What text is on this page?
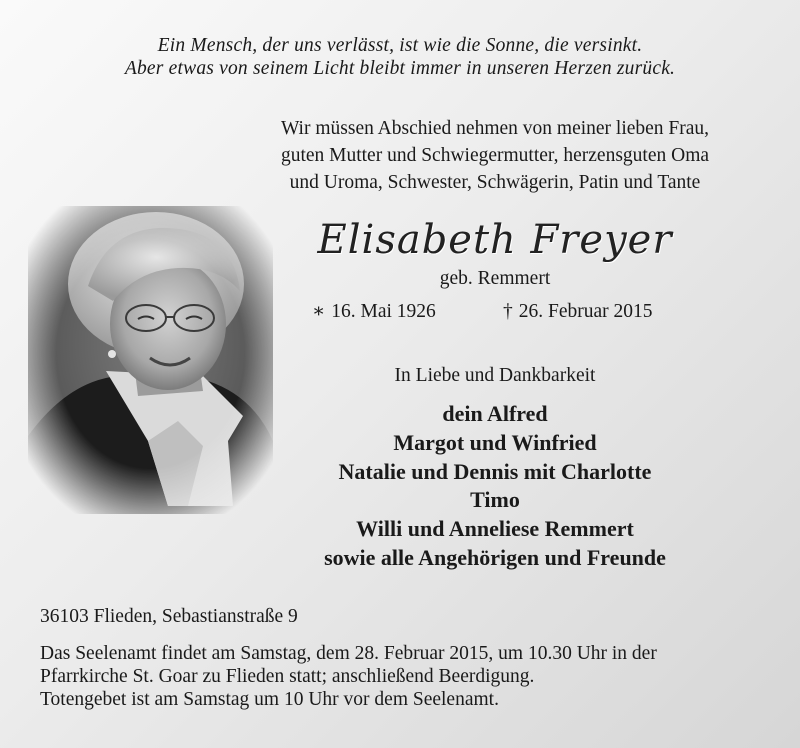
Ein Mensch, der uns verlässt, ist wie die Sonne, die versinkt.
Aber etwas von seinem Licht bleibt immer in unseren Herzen zurück.
Wir müssen Abschied nehmen von meiner lieben Frau,
guten Mutter und Schwiegermutter, herzensguten Oma
und Uroma, Schwester, Schwägerin, Patin und Tante
Elisabeth Freyer
geb. Remmert
∗ 16. Mai 1926	† 26. Februar 2015
In Liebe und Dankbarkeit
dein Alfred
Margot und Winfried
Natalie und Dennis mit Charlotte
Timo
Willi und Anneliese Remmert
sowie alle Angehörigen und Freunde
36103 Flieden, Sebastianstraße 9
Das Seelenamt findet am Samstag, dem 28. Februar 2015, um 10.30 Uhr in der
Pfarrkirche St. Goar zu Flieden statt; anschließend Beerdigung.
Totengebet ist am Samstag um 10 Uhr vor dem Seelenamt.
